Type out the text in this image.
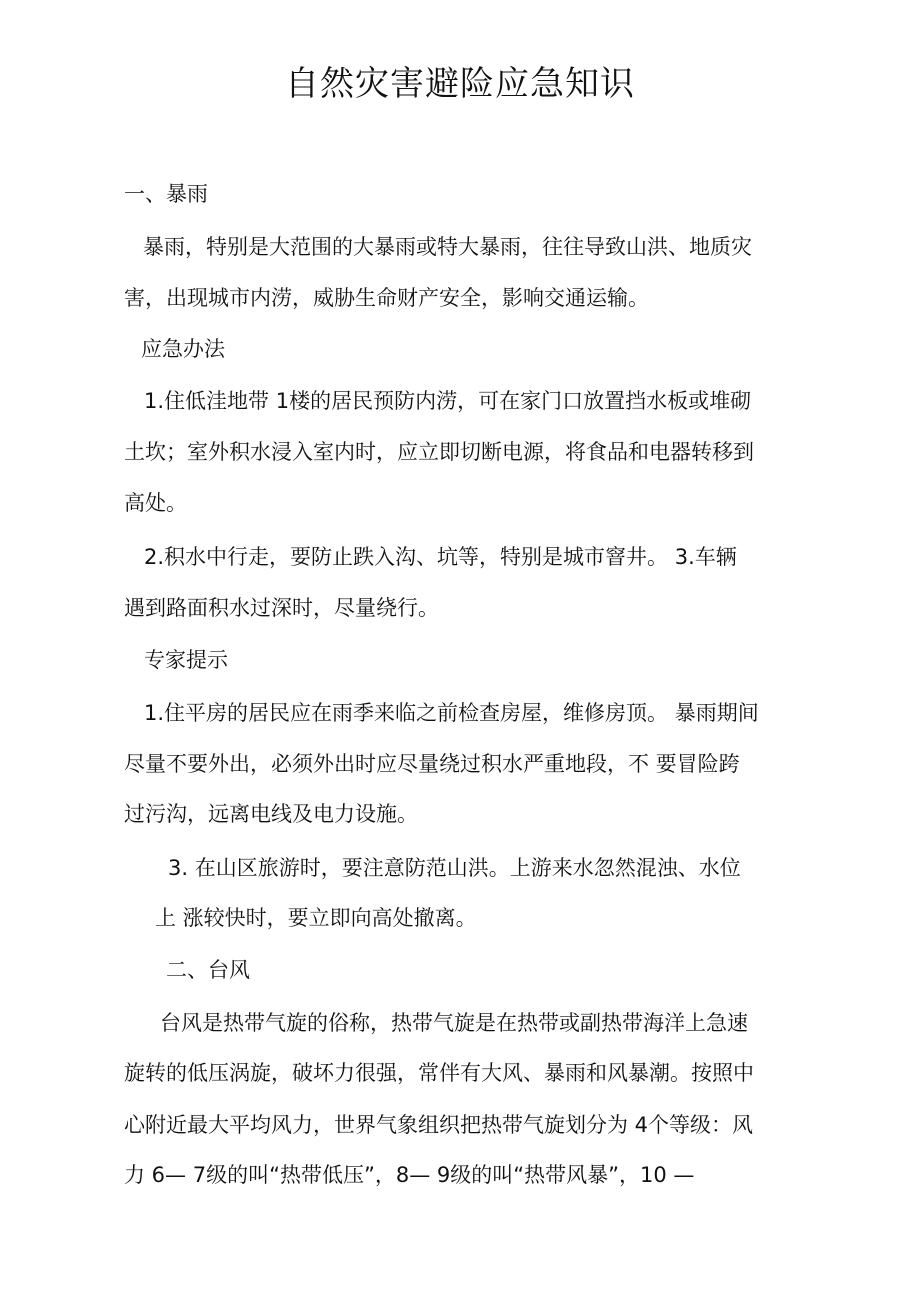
自然灾害避险应急知识
一、暴雨
暴雨，特别是大范围的大暴雨或特大暴雨，往往导致山洪、地质灾
害，出现城市内涝，威胁生命财产安全，影响交通运输。
应急办法
1.住低洼地带 1楼的居民预防内涝，可在家门口放置挡水板或堆砌
土坎；室外积水浸入室内时，应立即切断电源，将食品和电器转移到
高处。
2.积水中行走，要防止跌入沟、坑等，特别是城市窨井。 3.车辆
遇到路面积水过深时，尽量绕行。
专家提示
1.住平房的居民应在雨季来临之前检查房屋，维修房顶。 暴雨期间
尽量不要外出，必须外出时应尽量绕过积水严重地段，不 要冒险跨
过污沟，远离电线及电力设施。
3. 在山区旅游时，要注意防范山洪。上游来水忽然混浊、水位
上 涨较快时，要立即向高处撤离。
二、台风
台风是热带气旋的俗称，热带气旋是在热带或副热带海洋上急速
旋转的低压涡旋，破坏力很强，常伴有大风、暴雨和风暴潮。按照中
心附近最大平均风力，世界气象组织把热带气旋划分为 4个等级：风
力 6— 7级的叫“热带低压”，8— 9级的叫“热带风暴”，10 —
